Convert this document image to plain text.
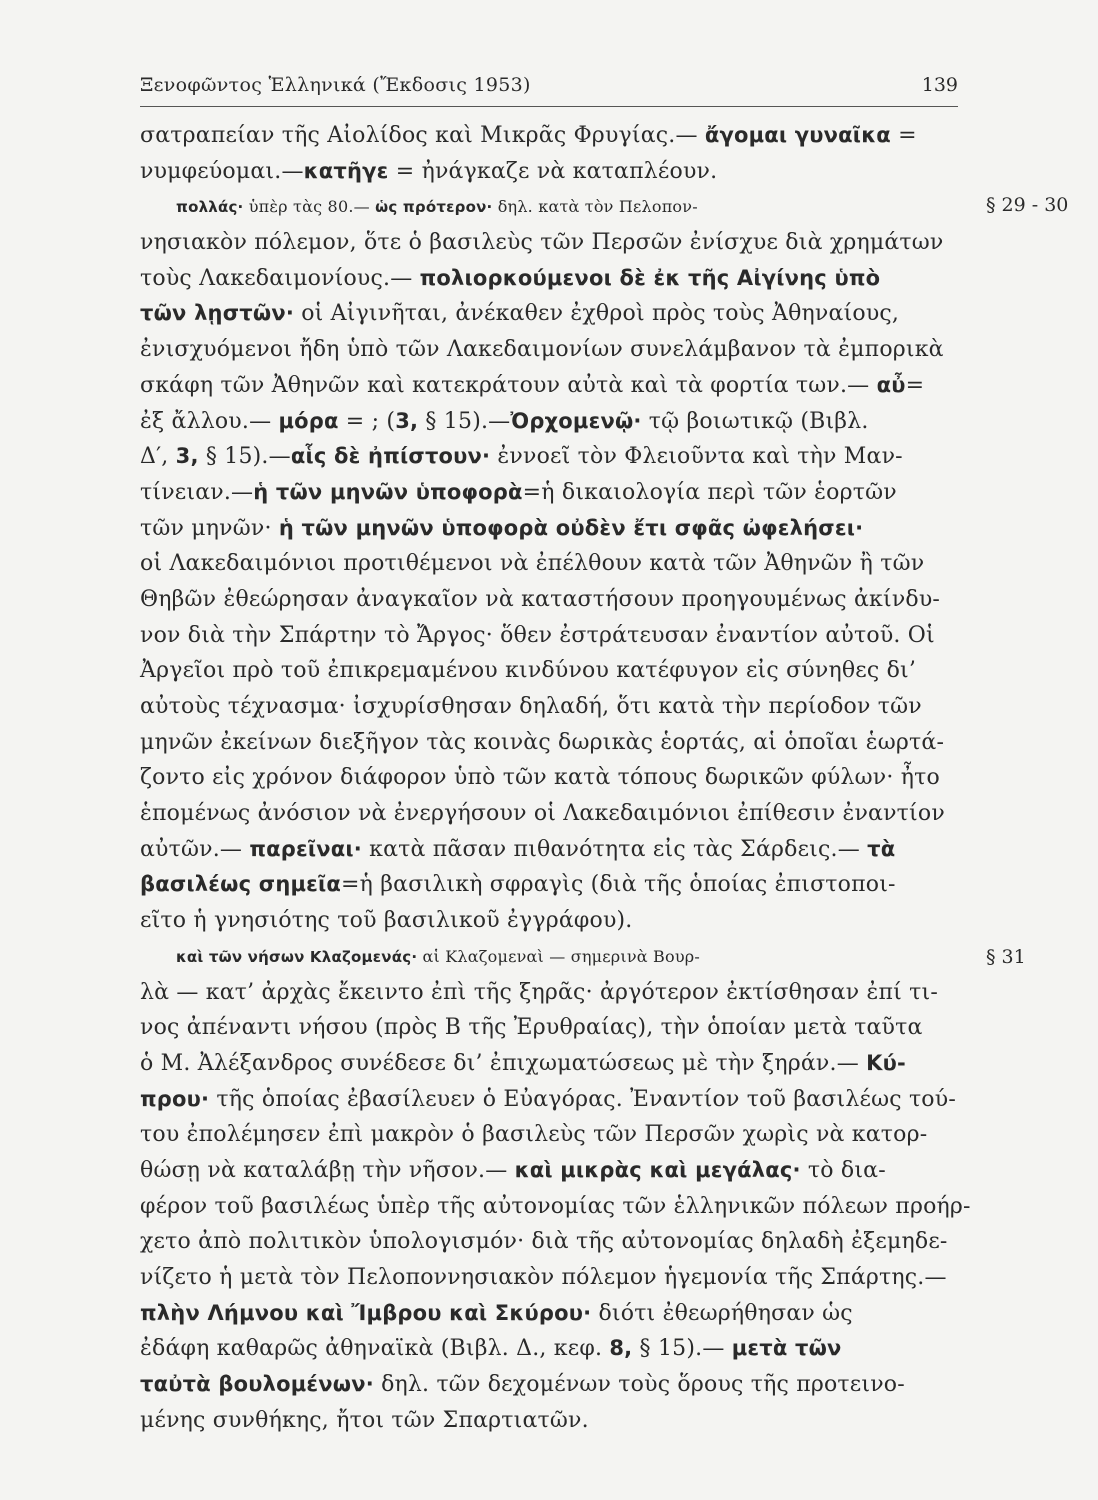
Ξενοφῶντος Ἑλληνικά (Ἔκδοσις 1953)	139
σατραπείαν τῆς Αἰολίδος καὶ Μικρᾶς Φρυγίας.— ἄγομαι γυναῖκα =
νυμφεύομαι.—κατῆγε = ἠνάγκαζε νὰ καταπλέουν.
πολλάς· ὑπὲρ τὰς 80.— ὡς πρότερον· δηλ. κατὰ τὸν Πελοπον-
νησιακὸν πόλεμον, ὅτε ὁ βασιλεὺς τῶν Περσῶν ἐνίσχυε διὰ χρημάτων
τοὺς Λακεδαιμονίους.— πολιορκούμενοι δὲ ἐκ τῆς Αἰγίνης ὑπὸ
τῶν λῃστῶν· οἱ Αἰγινῆται, ἀνέκαθεν ἐχθροὶ πρὸς τοὺς Ἀθηναίους,
ἐνισχυόμενοι ἤδη ὑπὸ τῶν Λακεδαιμονίων συνελάμβανον τὰ ἐμπορικὰ
σκάφη τῶν Ἀθηνῶν καὶ κατεκράτουν αὐτὰ καὶ τὰ φορτία των.— αὖ=
ἐξ ἄλλου.— μόρα = ; (3, § 15).—Ὀρχομενῷ· τῷ βοιωτικῷ (Βιβλ.
Δ′, 3, § 15).—αἷς δὲ ἠπίστουν· ἐννοεῖ τὸν Φλειοῦντα καὶ τὴν Μαν-
τίνειαν.—ἡ τῶν μηνῶν ὑποφορὰ=ἡ δικαιολογία περὶ τῶν ἑορτῶν
τῶν μηνῶν· ἡ τῶν μηνῶν ὑποφορὰ οὐδὲν ἔτι σφᾶς ὠφελήσει·
οἱ Λακεδαιμόνιοι προτιθέμενοι νὰ ἐπέλθουν κατὰ τῶν Ἀθηνῶν ἢ τῶν
Θηβῶν ἐθεώρησαν ἀναγκαῖον νὰ καταστήσουν προηγουμένως ἀκίνδυ-
νον διὰ τὴν Σπάρτην τὸ Ἄργος· ὅθεν ἐστράτευσαν ἐναντίον αὐτοῦ. Οἱ
Ἀργεῖοι πρὸ τοῦ ἐπικρεμαμένου κινδύνου κατέφυγον εἰς σύνηθες δι’
αὐτοὺς τέχνασμα· ἰσχυρίσθησαν δηλαδή, ὅτι κατὰ τὴν περίοδον τῶν
μηνῶν ἐκείνων διεξῆγον τὰς κοινὰς δωρικὰς ἑορτάς, αἱ ὁποῖαι ἑωρτά-
ζοντο εἰς χρόνον διάφορον ὑπὸ τῶν κατὰ τόπους δωρικῶν φύλων· ἦτο
ἑπομένως ἀνόσιον νὰ ἐνεργήσουν οἱ Λακεδαιμόνιοι ἐπίθεσιν ἐναντίον
αὐτῶν.— παρεῖναι· κατὰ πᾶσαν πιθανότητα εἰς τὰς Σάρδεις.— τὰ
βασιλέως σημεῖα=ἡ βασιλικὴ σφραγὶς (διὰ τῆς ὁποίας ἐπιστοποι-
εῖτο ἡ γνησιότης τοῦ βασιλικοῦ ἐγγράφου).
καὶ τῶν νήσων Κλαζομενάς· αἱ Κλαζομεναὶ — σημερινὰ Βουρ-
λὰ — κατ’ ἀρχὰς ἔκειντο ἐπὶ τῆς ξηρᾶς· ἀργότερον ἐκτίσθησαν ἐπί τι-
νος ἀπέναντι νήσου (πρὸς Β τῆς Ἐρυθραίας), τὴν ὁποίαν μετὰ ταῦτα
ὁ Μ. Ἀλέξανδρος συνέδεσε δι’ ἐπιχωματώσεως μὲ τὴν ξηράν.— Κύ-
πρου· τῆς ὁποίας ἐβασίλευεν ὁ Εὐαγόρας. Ἐναντίον τοῦ βασιλέως τού-
του ἐπολέμησεν ἐπὶ μακρὸν ὁ βασιλεὺς τῶν Περσῶν χωρὶς νὰ κατορ-
θώσῃ νὰ καταλάβῃ τὴν νῆσον.— καὶ μικρὰς καὶ μεγάλας· τὸ δια-
φέρον τοῦ βασιλέως ὑπὲρ τῆς αὐτονομίας τῶν ἑλληνικῶν πόλεων προήρ-
χετο ἀπὸ πολιτικὸν ὑπολογισμόν· διὰ τῆς αὐτονομίας δηλαδὴ ἐξεμηδε-
νίζετο ἡ μετὰ τὸν Πελοποννησιακὸν πόλεμον ἡγεμονία τῆς Σπάρτης.—
πλὴν Λήμνου καὶ Ἴμβρου καὶ Σκύρου· διότι ἐθεωρήθησαν ὡς
ἐδάφη καθαρῶς ἀθηναϊκὰ (Βιβλ. Δ., κεφ. 8, § 15).— μετὰ τῶν
ταὐτὰ βουλομένων· δηλ. τῶν δεχομένων τοὺς ὅρους τῆς προτεινο-
μένης συνθήκης, ἤτοι τῶν Σπαρτιατῶν.
§ 29 - 30
§ 31
